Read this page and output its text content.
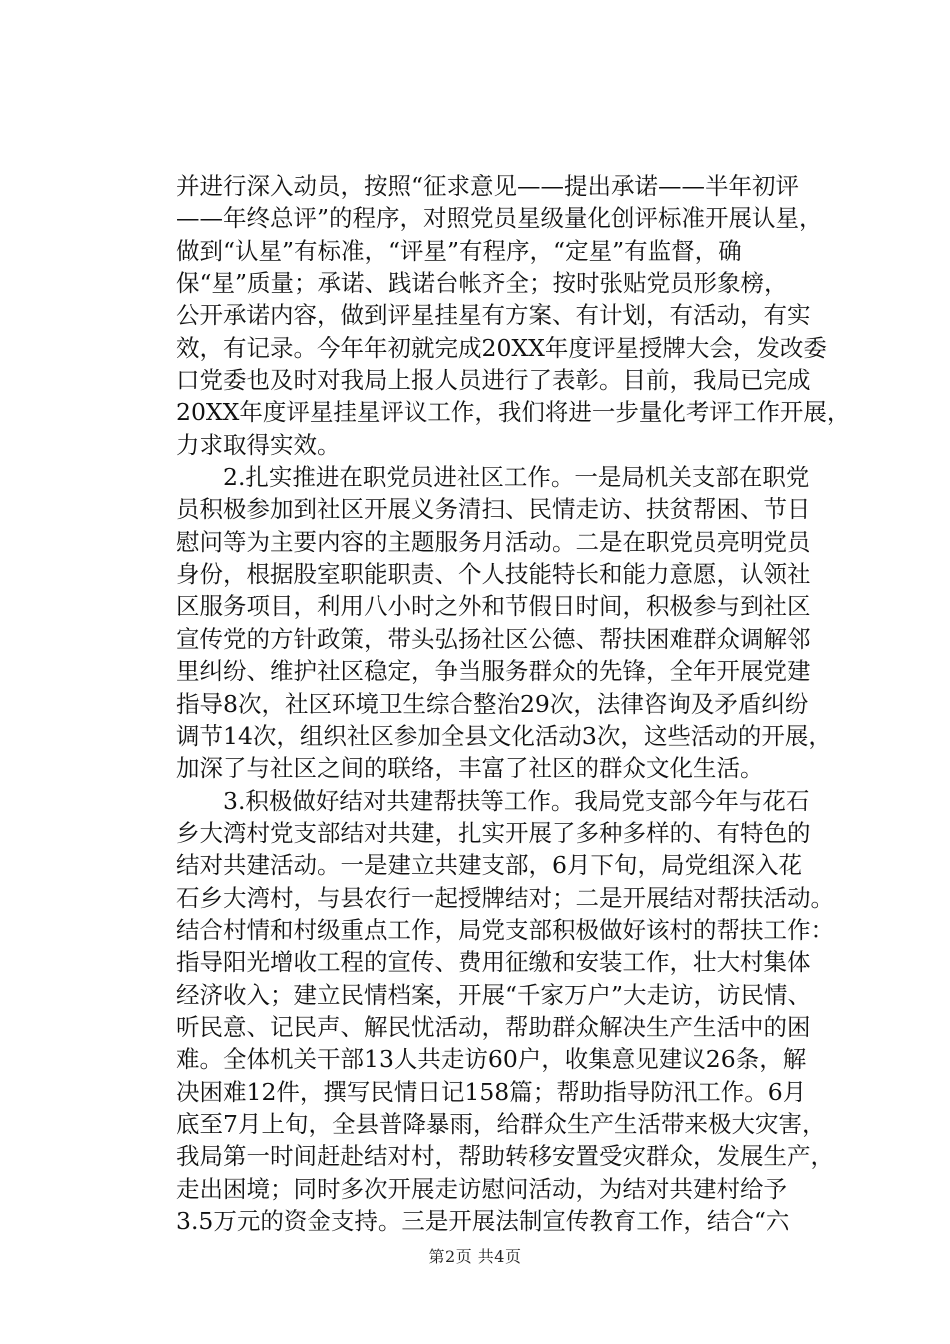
并进行深入动员，按照“征求意见——提出承诺——半年初评
——年终总评”的程序，对照党员星级量化创评标准开展认星，
做到“认星”有标准，“评星”有程序，“定星”有监督，确
保“星”质量；承诺、践诺台帐齐全；按时张贴党员形象榜，
公开承诺内容，做到评星挂星有方案、有计划，有活动，有实
效，有记录。今年年初就完成20XX年度评星授牌大会，发改委
口党委也及时对我局上报人员进行了表彰。目前，我局已完成
20XX年度评星挂星评议工作，我们将进一步量化考评工作开展，
力求取得实效。
　　2.扎实推进在职党员进社区工作。一是局机关支部在职党
员积极参加到社区开展义务清扫、民情走访、扶贫帮困、节日
慰问等为主要内容的主题服务月活动。二是在职党员亮明党员
身份，根据股室职能职责、个人技能特长和能力意愿，认领社
区服务项目，利用八小时之外和节假日时间，积极参与到社区
宣传党的方针政策，带头弘扬社区公德、帮扶困难群众调解邻
里纠纷、维护社区稳定，争当服务群众的先锋，全年开展党建
指导8次，社区环境卫生综合整治29次，法律咨询及矛盾纠纷
调节14次，组织社区参加全县文化活动3次，这些活动的开展，
加深了与社区之间的联络，丰富了社区的群众文化生活。
　　3.积极做好结对共建帮扶等工作。我局党支部今年与花石
乡大湾村党支部结对共建，扎实开展了多种多样的、有特色的
结对共建活动。一是建立共建支部，6月下旬，局党组深入花
石乡大湾村，与县农行一起授牌结对；二是开展结对帮扶活动。
结合村情和村级重点工作，局党支部积极做好该村的帮扶工作：
指导阳光增收工程的宣传、费用征缴和安装工作，壮大村集体
经济收入；建立民情档案，开展“千家万户”大走访，访民情、
听民意、记民声、解民忧活动，帮助群众解决生产生活中的困
难。全体机关干部13人共走访60户，收集意见建议26条，解
决困难12件，撰写民情日记158篇；帮助指导防汛工作。6月
底至7月上旬，全县普降暴雨，给群众生产生活带来极大灾害，
我局第一时间赶赴结对村，帮助转移安置受灾群众，发展生产，
走出困境；同时多次开展走访慰问活动，为结对共建村给予
3.5万元的资金支持。三是开展法制宣传教育工作，结合“六
第2页 共4页
